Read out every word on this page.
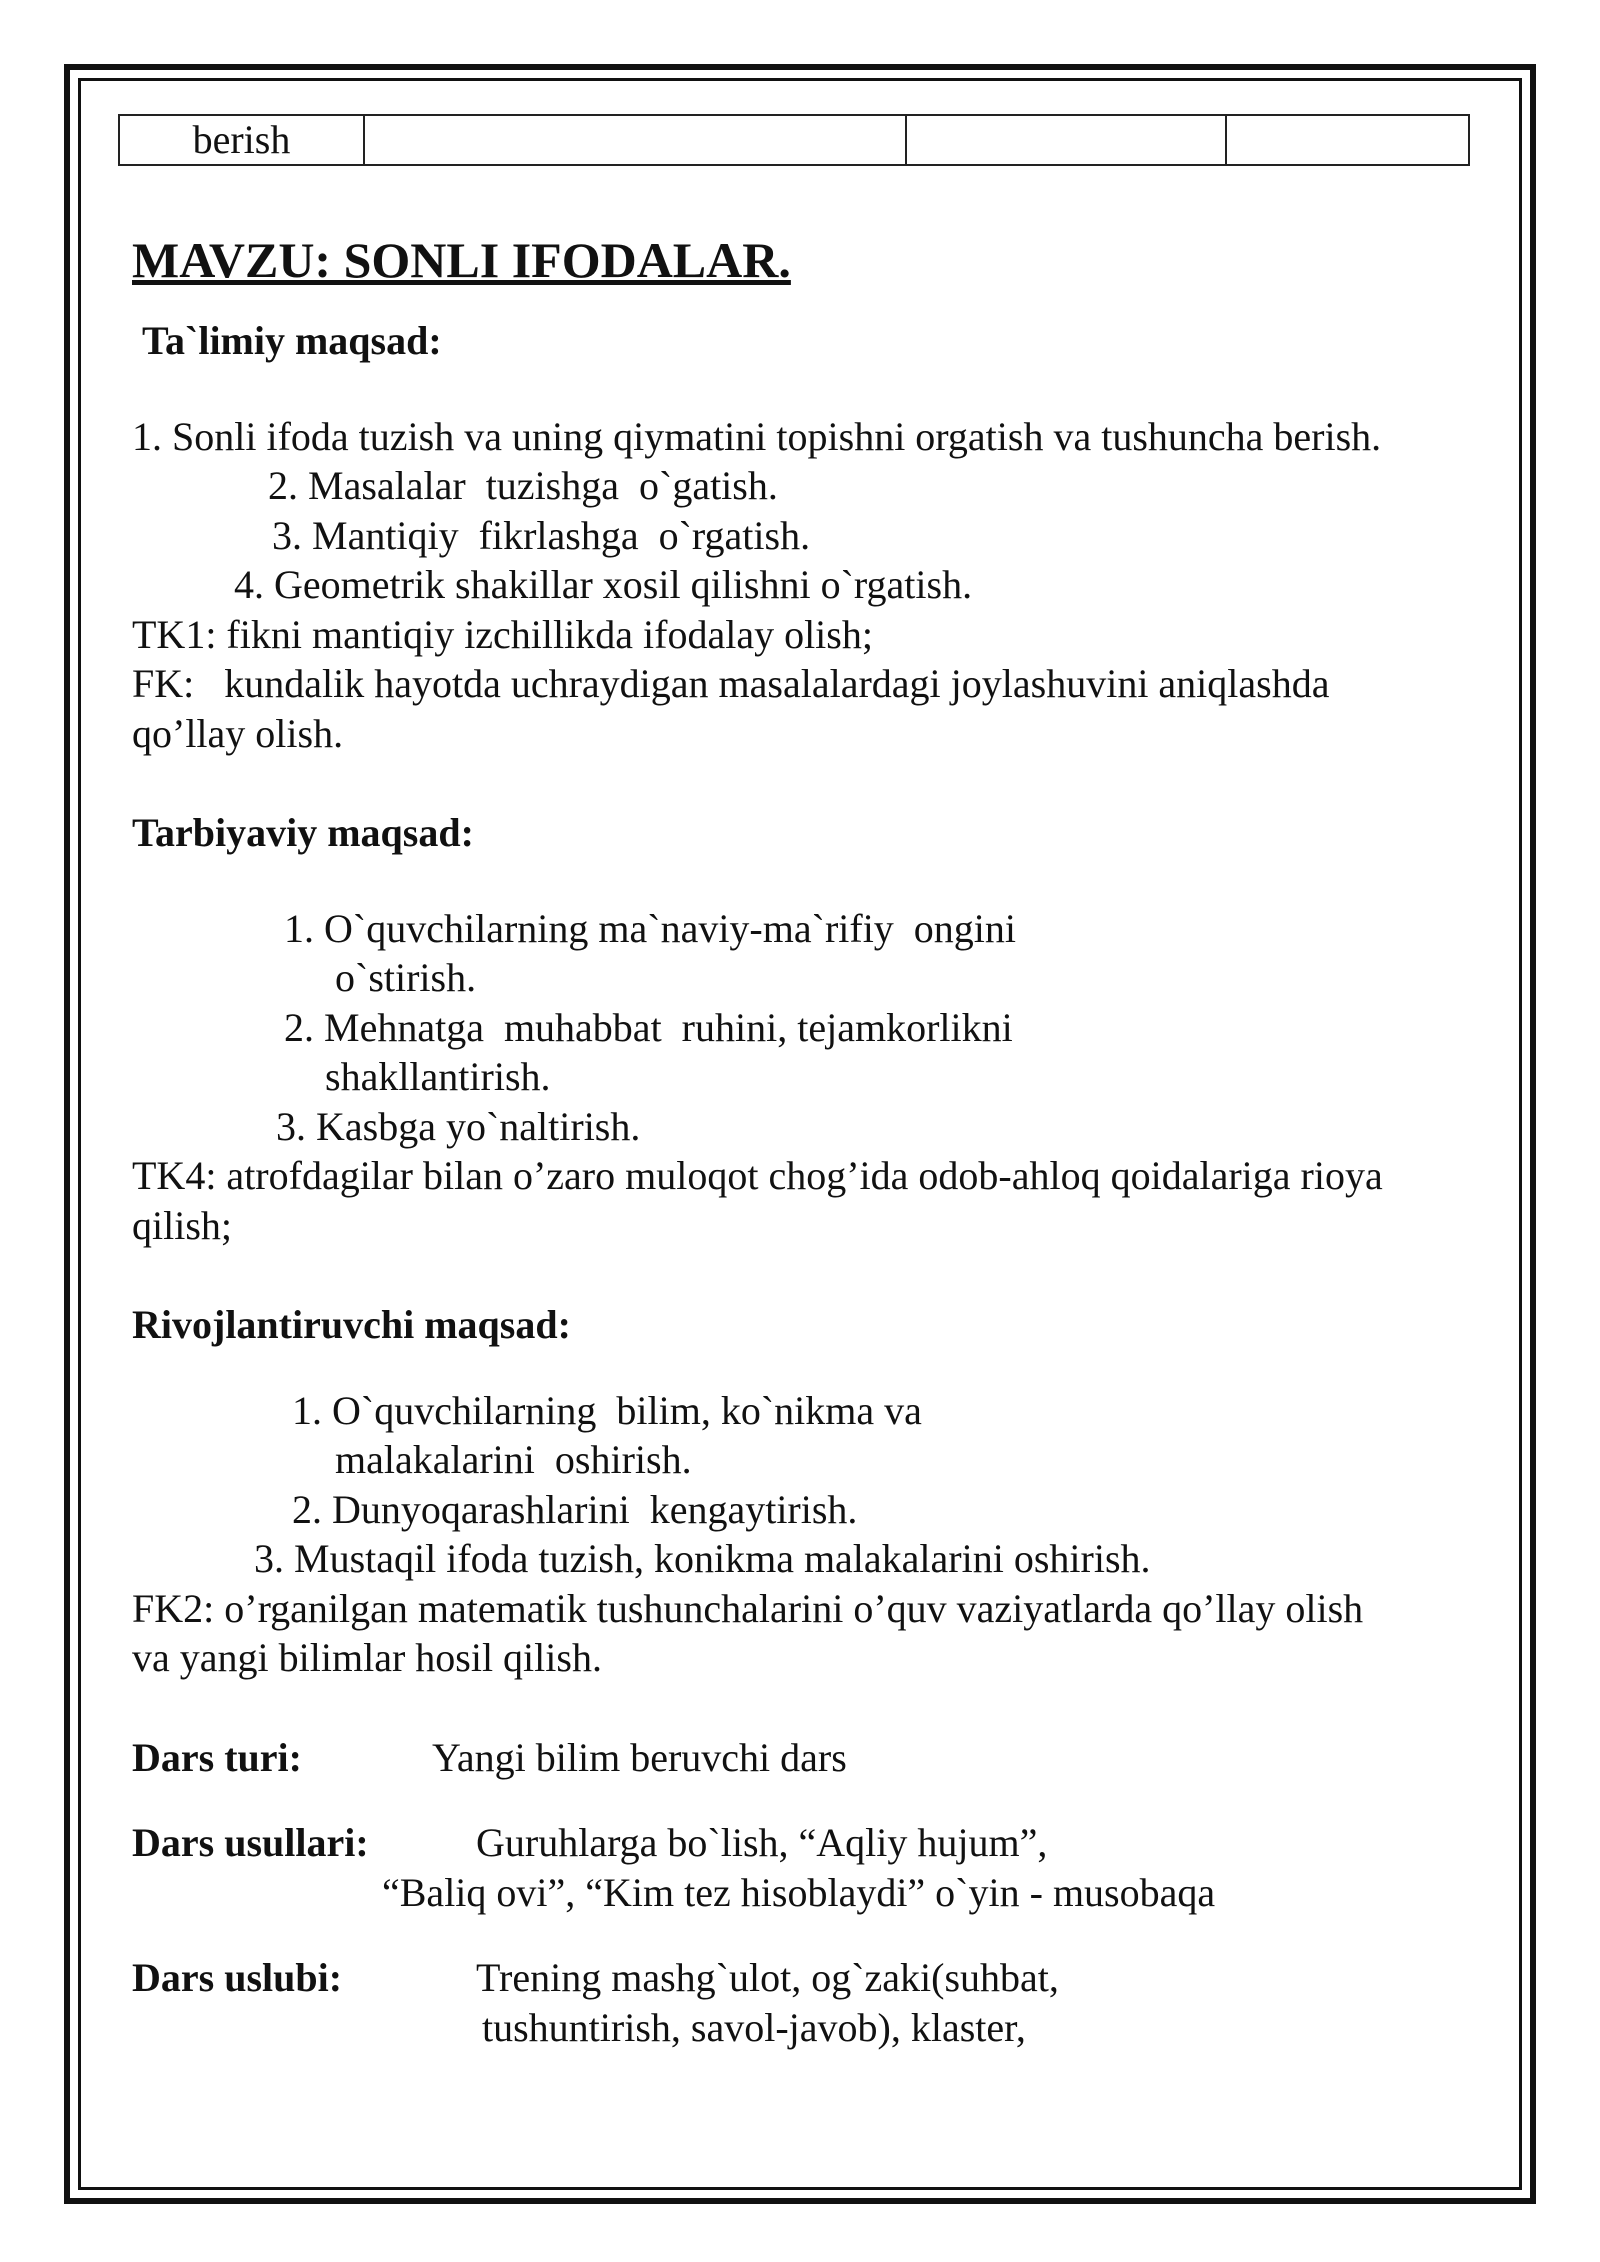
berish			
MAVZU: SONLI IFODALAR.

Ta`limiy maqsad:

1. Sonli ifoda tuzish va uning qiymatini topishni orgatish va tushuncha berish.

2. Masalalar  tuzishga  o`gatish.

3. Mantiqiy  fikrlashga  o`rgatish.

4. Geometrik shakillar xosil qilishni o`rgatish.

TK1: fikni mantiqiy izchillikda ifodalay olish;

FK:   kundalik hayotda uchraydigan masalalardagi joylashuvini aniqlashda

qo’llay olish.

Tarbiyaviy maqsad:

1. O`quvchilarning ma`naviy-ma`rifiy  ongini

o`stirish.

2. Mehnatga  muhabbat  ruhini, tejamkorlikni

shakllantirish.

3. Kasbga yo`naltirish.

TK4: atrofdagilar bilan o’zaro muloqot chog’ida odob-ahloq qoidalariga rioya

qilish;

Rivojlantiruvchi maqsad:

1. O`quvchilarning  bilim, ko`nikma va

malakalarini  oshirish.

2. Dunyoqarashlarini  kengaytirish.

3. Mustaqil ifoda tuzish, konikma malakalarini oshirish.

FK2: o’rganilgan matematik tushunchalarini o’quv vaziyatlarda qo’llay olish

va yangi bilimlar hosil qilish.

Dars turi:	Yangi bilim beruvchi dars
Dars usullari:	Guruhlarga bo`lish, “Aqliy hujum”,

“Baliq ovi”, “Kim tez hisoblaydi” o`yin - musobaqa

Dars uslubi:	Trening mashg`ulot, og`zaki(suhbat,

tushuntirish, savol-javob), klaster,
